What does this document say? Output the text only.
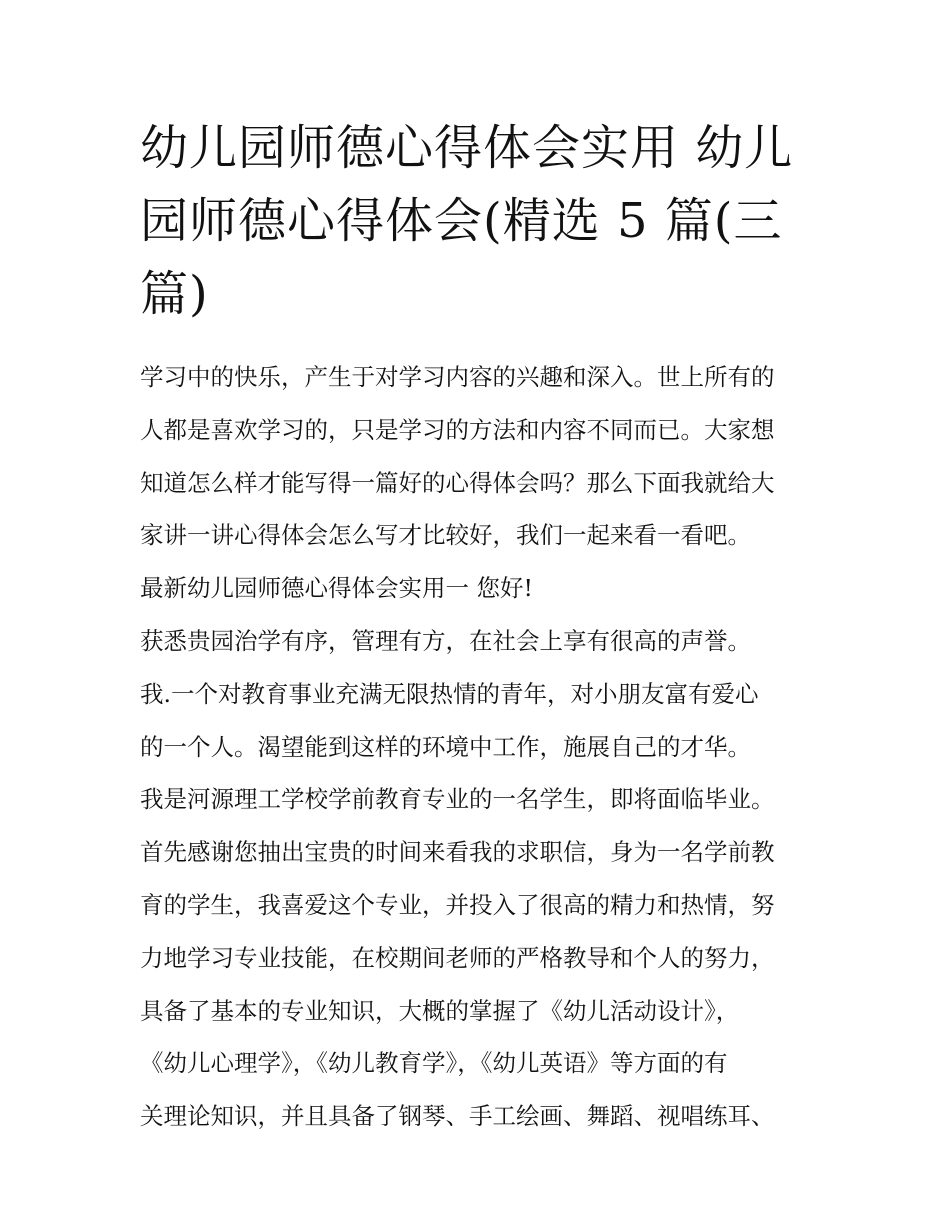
幼儿园师德心得体会实用 幼儿
园师德心得体会(精选 5 篇(三
篇)

学习中的快乐，产生于对学习内容的兴趣和深入。世上所有的

人都是喜欢学习的，只是学习的方法和内容不同而已。大家想

知道怎么样才能写得一篇好的心得体会吗？那么下面我就给大

家讲一讲心得体会怎么写才比较好，我们一起来看一看吧。

最新幼儿园师德心得体会实用一 您好!

获悉贵园治学有序，管理有方，在社会上享有很高的声誉。

我.一个对教育事业充满无限热情的青年，对小朋友富有爱心

的一个人。渴望能到这样的环境中工作，施展自己的才华。

我是河源理工学校学前教育专业的一名学生，即将面临毕业。

首先感谢您抽出宝贵的时间来看我的求职信，身为一名学前教

育的学生，我喜爱这个专业，并投入了很高的精力和热情，努

力地学习专业技能，在校期间老师的严格教导和个人的努力，

具备了基本的专业知识，大概的掌握了《幼儿活动设计》，

《幼儿心理学》，《幼儿教育学》，《幼儿英语》等方面的有

关理论知识，并且具备了钢琴、手工绘画、舞蹈、视唱练耳、
